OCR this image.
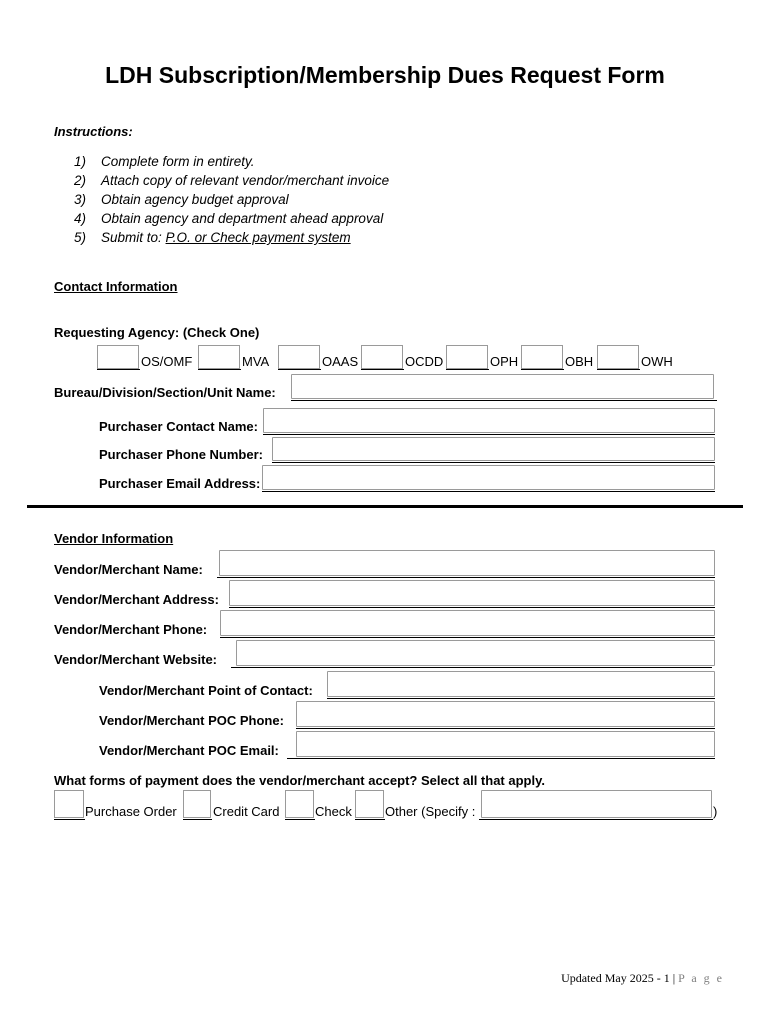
LDH Subscription/Membership Dues Request Form
Instructions:
1) Complete form in entirety.
2) Attach copy of relevant vendor/merchant invoice
3) Obtain agency budget approval
4) Obtain agency and department ahead approval
5) Submit to: P.O. or Check payment system
Contact Information
Requesting Agency: (Check One)
OS/OMF	MVA	OAAS	OCDD	OPH	OBH	OWH
Bureau/Division/Section/Unit Name:
Purchaser Contact Name:
Purchaser Phone Number:
Purchaser Email Address:
Vendor Information
Vendor/Merchant Name:
Vendor/Merchant Address:
Vendor/Merchant Phone:
Vendor/Merchant Website:
Vendor/Merchant Point of Contact:
Vendor/Merchant POC Phone:
Vendor/Merchant POC Email:
What forms of payment does the vendor/merchant accept? Select all that apply.
Purchase Order	Credit Card	Check	Other (Specify :	)
Updated May 2025 - 1 | P a g e
